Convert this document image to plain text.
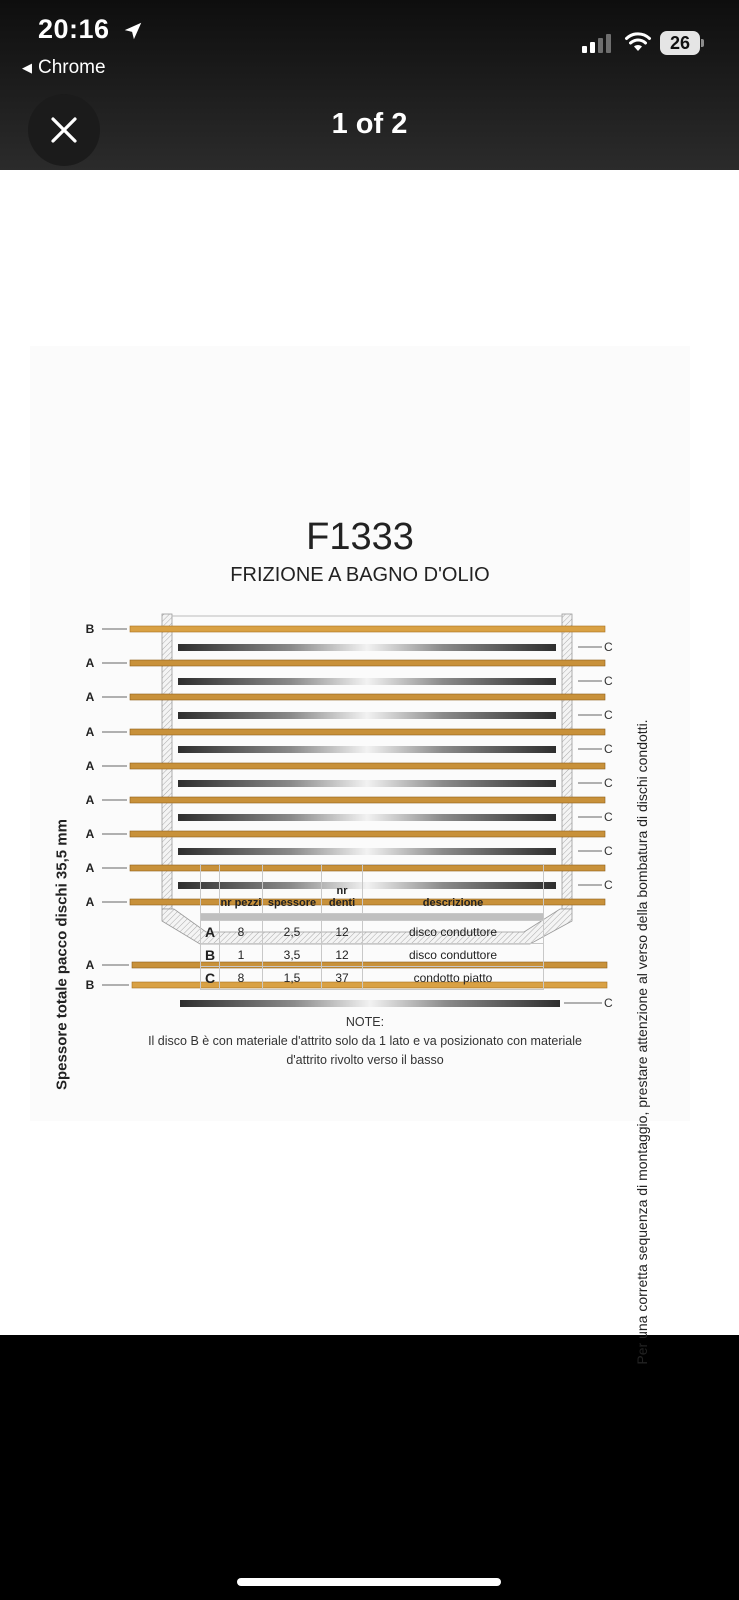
20:16
◀ Chrome
26
1 of 2
F1333
FRIZIONE A BAGNO D'OLIO
Spessore totale pacco dischi 35,5 mm	Per una corretta sequenza di montaggio, prestare attenzione al verso della bombatura di dischi condotti.
B
A
A
A
A
A
A
A
A
A
B
C
C
C
C
C
C
C
C
C
	nr pezzi	spessore	nr denti	descrizione

A	8	2,5	12	disco conduttore
B	1	3,5	12	disco conduttore
C	8	1,5	37	condotto piatto
NOTE:
Il disco B è con materiale d'attrito solo da 1 lato e va posizionato con materiale
d'attrito rivolto verso il basso
